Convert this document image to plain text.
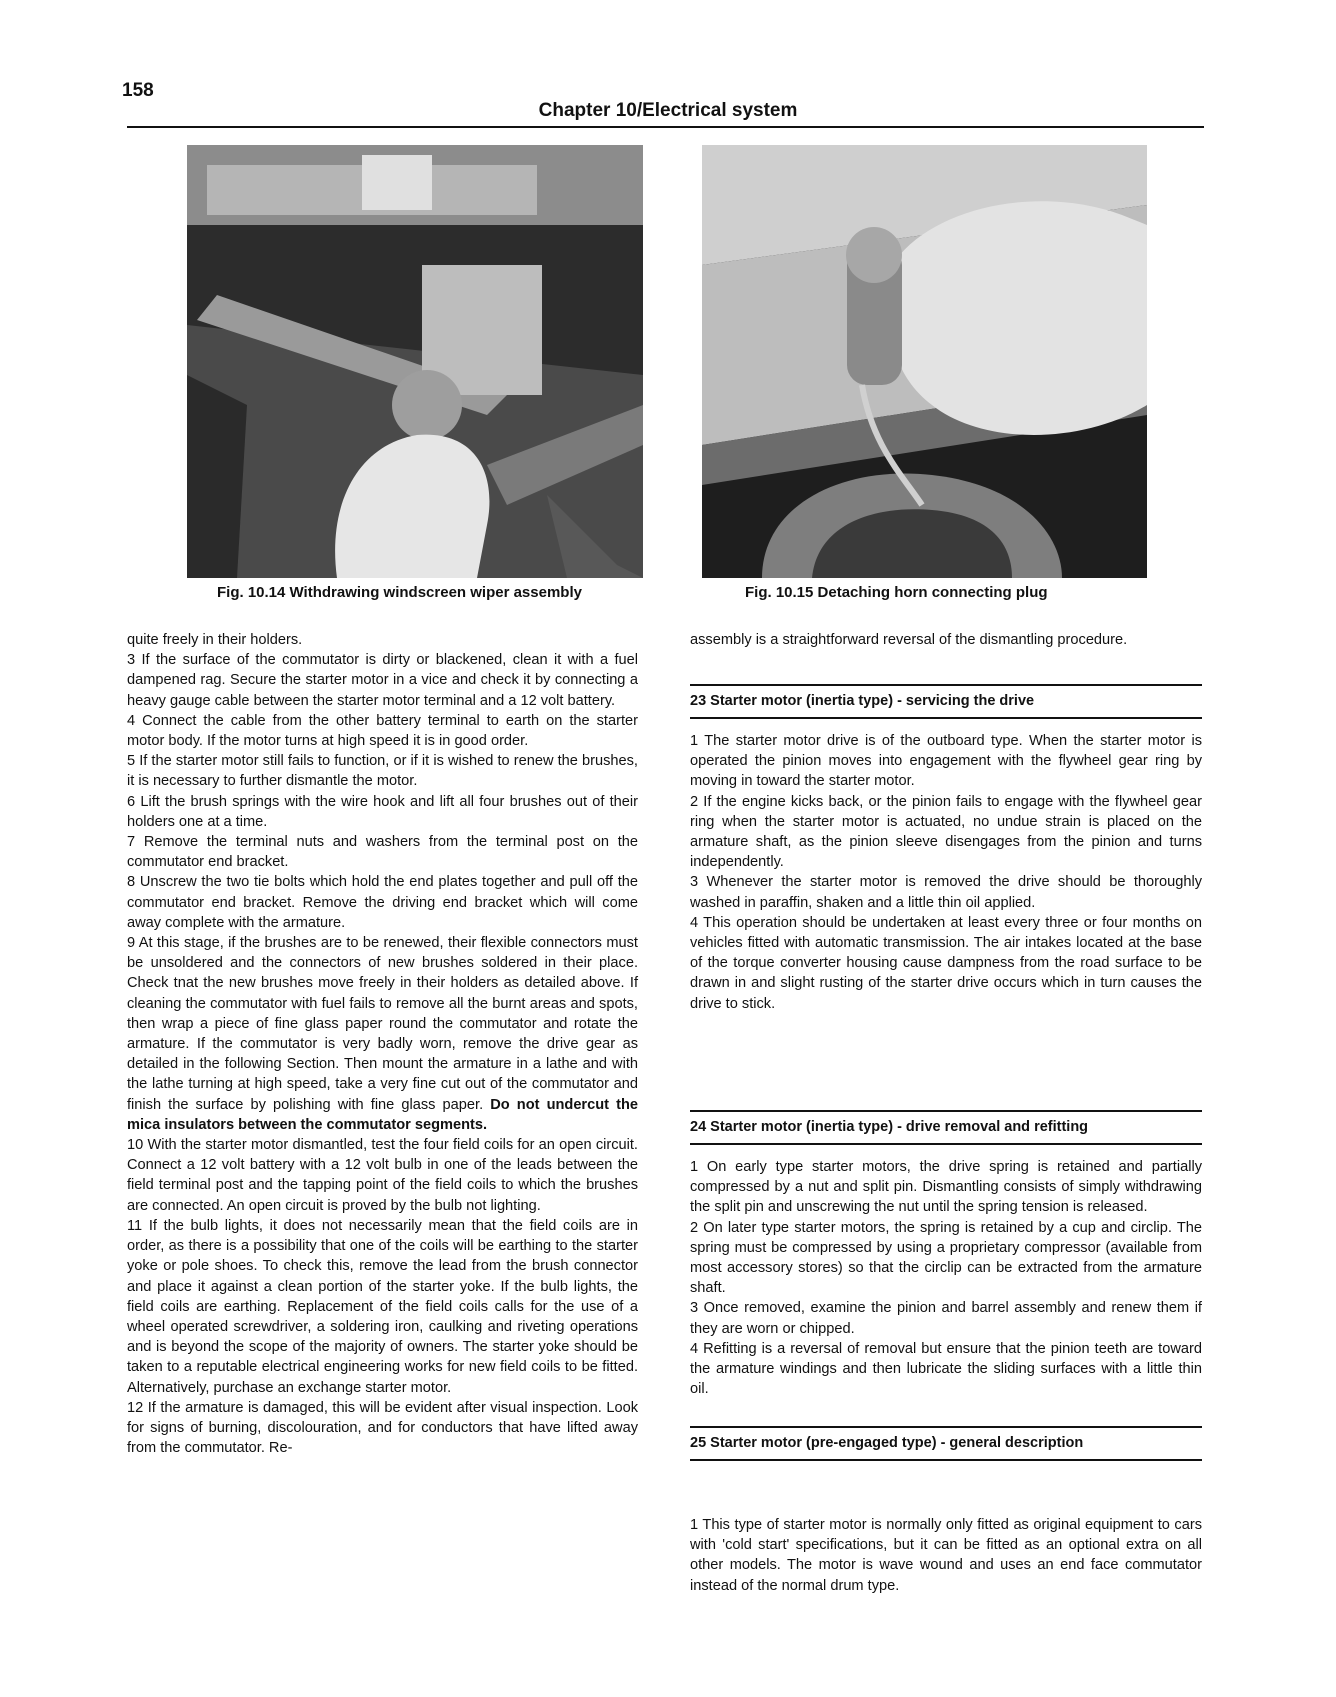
158
Chapter 10/Electrical system
Fig. 10.14 Withdrawing windscreen wiper assembly	Fig. 10.15 Detaching horn connecting plug

quite freely in their holders.

3 If the surface of the commutator is dirty or blackened, clean it with a fuel dampened rag. Secure the starter motor in a vice and check it by connecting a heavy gauge cable between the starter motor terminal and a 12 volt battery.

4 Connect the cable from the other battery terminal to earth on the starter motor body. If the motor turns at high speed it is in good order.

5 If the starter motor still fails to function, or if it is wished to renew the brushes, it is necessary to further dismantle the motor.

6 Lift the brush springs with the wire hook and lift all four brushes out of their holders one at a time.

7 Remove the terminal nuts and washers from the terminal post on the commutator end bracket.

8 Unscrew the two tie bolts which hold the end plates together and pull off the commutator end bracket. Remove the driving end bracket which will come away complete with the armature.

9 At this stage, if the brushes are to be renewed, their flexible connectors must be unsoldered and the connectors of new brushes soldered in their place. Check tnat the new brushes move freely in their holders as detailed above. If cleaning the commutator with fuel fails to remove all the burnt areas and spots, then wrap a piece of fine glass paper round the commutator and rotate the armature. If the commutator is very badly worn, remove the drive gear as detailed in the following Section. Then mount the armature in a lathe and with the lathe turning at high speed, take a very fine cut out of the commutator and finish the surface by polishing with fine glass paper. Do not undercut the mica insulators between the commutator segments.

10 With the starter motor dismantled, test the four field coils for an open circuit. Connect a 12 volt battery with a 12 volt bulb in one of the leads between the field terminal post and the tapping point of the field coils to which the brushes are connected. An open circuit is proved by the bulb not lighting.

11 If the bulb lights, it does not necessarily mean that the field coils are in order, as there is a possibility that one of the coils will be earthing to the starter yoke or pole shoes. To check this, remove the lead from the brush connector and place it against a clean portion of the starter yoke. If the bulb lights, the field coils are earthing. Replacement of the field coils calls for the use of a wheel operated screwdriver, a soldering iron, caulking and riveting operations and is beyond the scope of the majority of owners. The starter yoke should be taken to a reputable electrical engineering works for new field coils to be fitted. Alternatively, purchase an exchange starter motor.

12 If the armature is damaged, this will be evident after visual inspection. Look for signs of burning, discolouration, and for conductors that have lifted away from the commutator. Re-

assembly is a straightforward reversal of the dismantling procedure.

23 Starter motor (inertia type) - servicing the drive

1 The starter motor drive is of the outboard type. When the starter motor is operated the pinion moves into engagement with the flywheel gear ring by moving in toward the starter motor.

2 If the engine kicks back, or the pinion fails to engage with the flywheel gear ring when the starter motor is actuated, no undue strain is placed on the armature shaft, as the pinion sleeve disengages from the pinion and turns independently.

3 Whenever the starter motor is removed the drive should be thoroughly washed in paraffin, shaken and a little thin oil applied.

4 This operation should be undertaken at least every three or four months on vehicles fitted with automatic transmission. The air intakes located at the base of the torque converter housing cause dampness from the road surface to be drawn in and slight rusting of the starter drive occurs which in turn causes the drive to stick.

24 Starter motor (inertia type) - drive removal and refitting

1 On early type starter motors, the drive spring is retained and partially compressed by a nut and split pin. Dismantling consists of simply withdrawing the split pin and unscrewing the nut until the spring tension is released.

2 On later type starter motors, the spring is retained by a cup and circlip. The spring must be compressed by using a proprietary compressor (available from most accessory stores) so that the circlip can be extracted from the armature shaft.

3 Once removed, examine the pinion and barrel assembly and renew them if they are worn or chipped.

4 Refitting is a reversal of removal but ensure that the pinion teeth are toward the armature windings and then lubricate the sliding surfaces with a little thin oil.

25 Starter motor (pre-engaged type) - general description

1 This type of starter motor is normally only fitted as original equipment to cars with 'cold start' specifications, but it can be fitted as an optional extra on all other models. The motor is wave wound and uses an end face commutator instead of the normal drum type.
